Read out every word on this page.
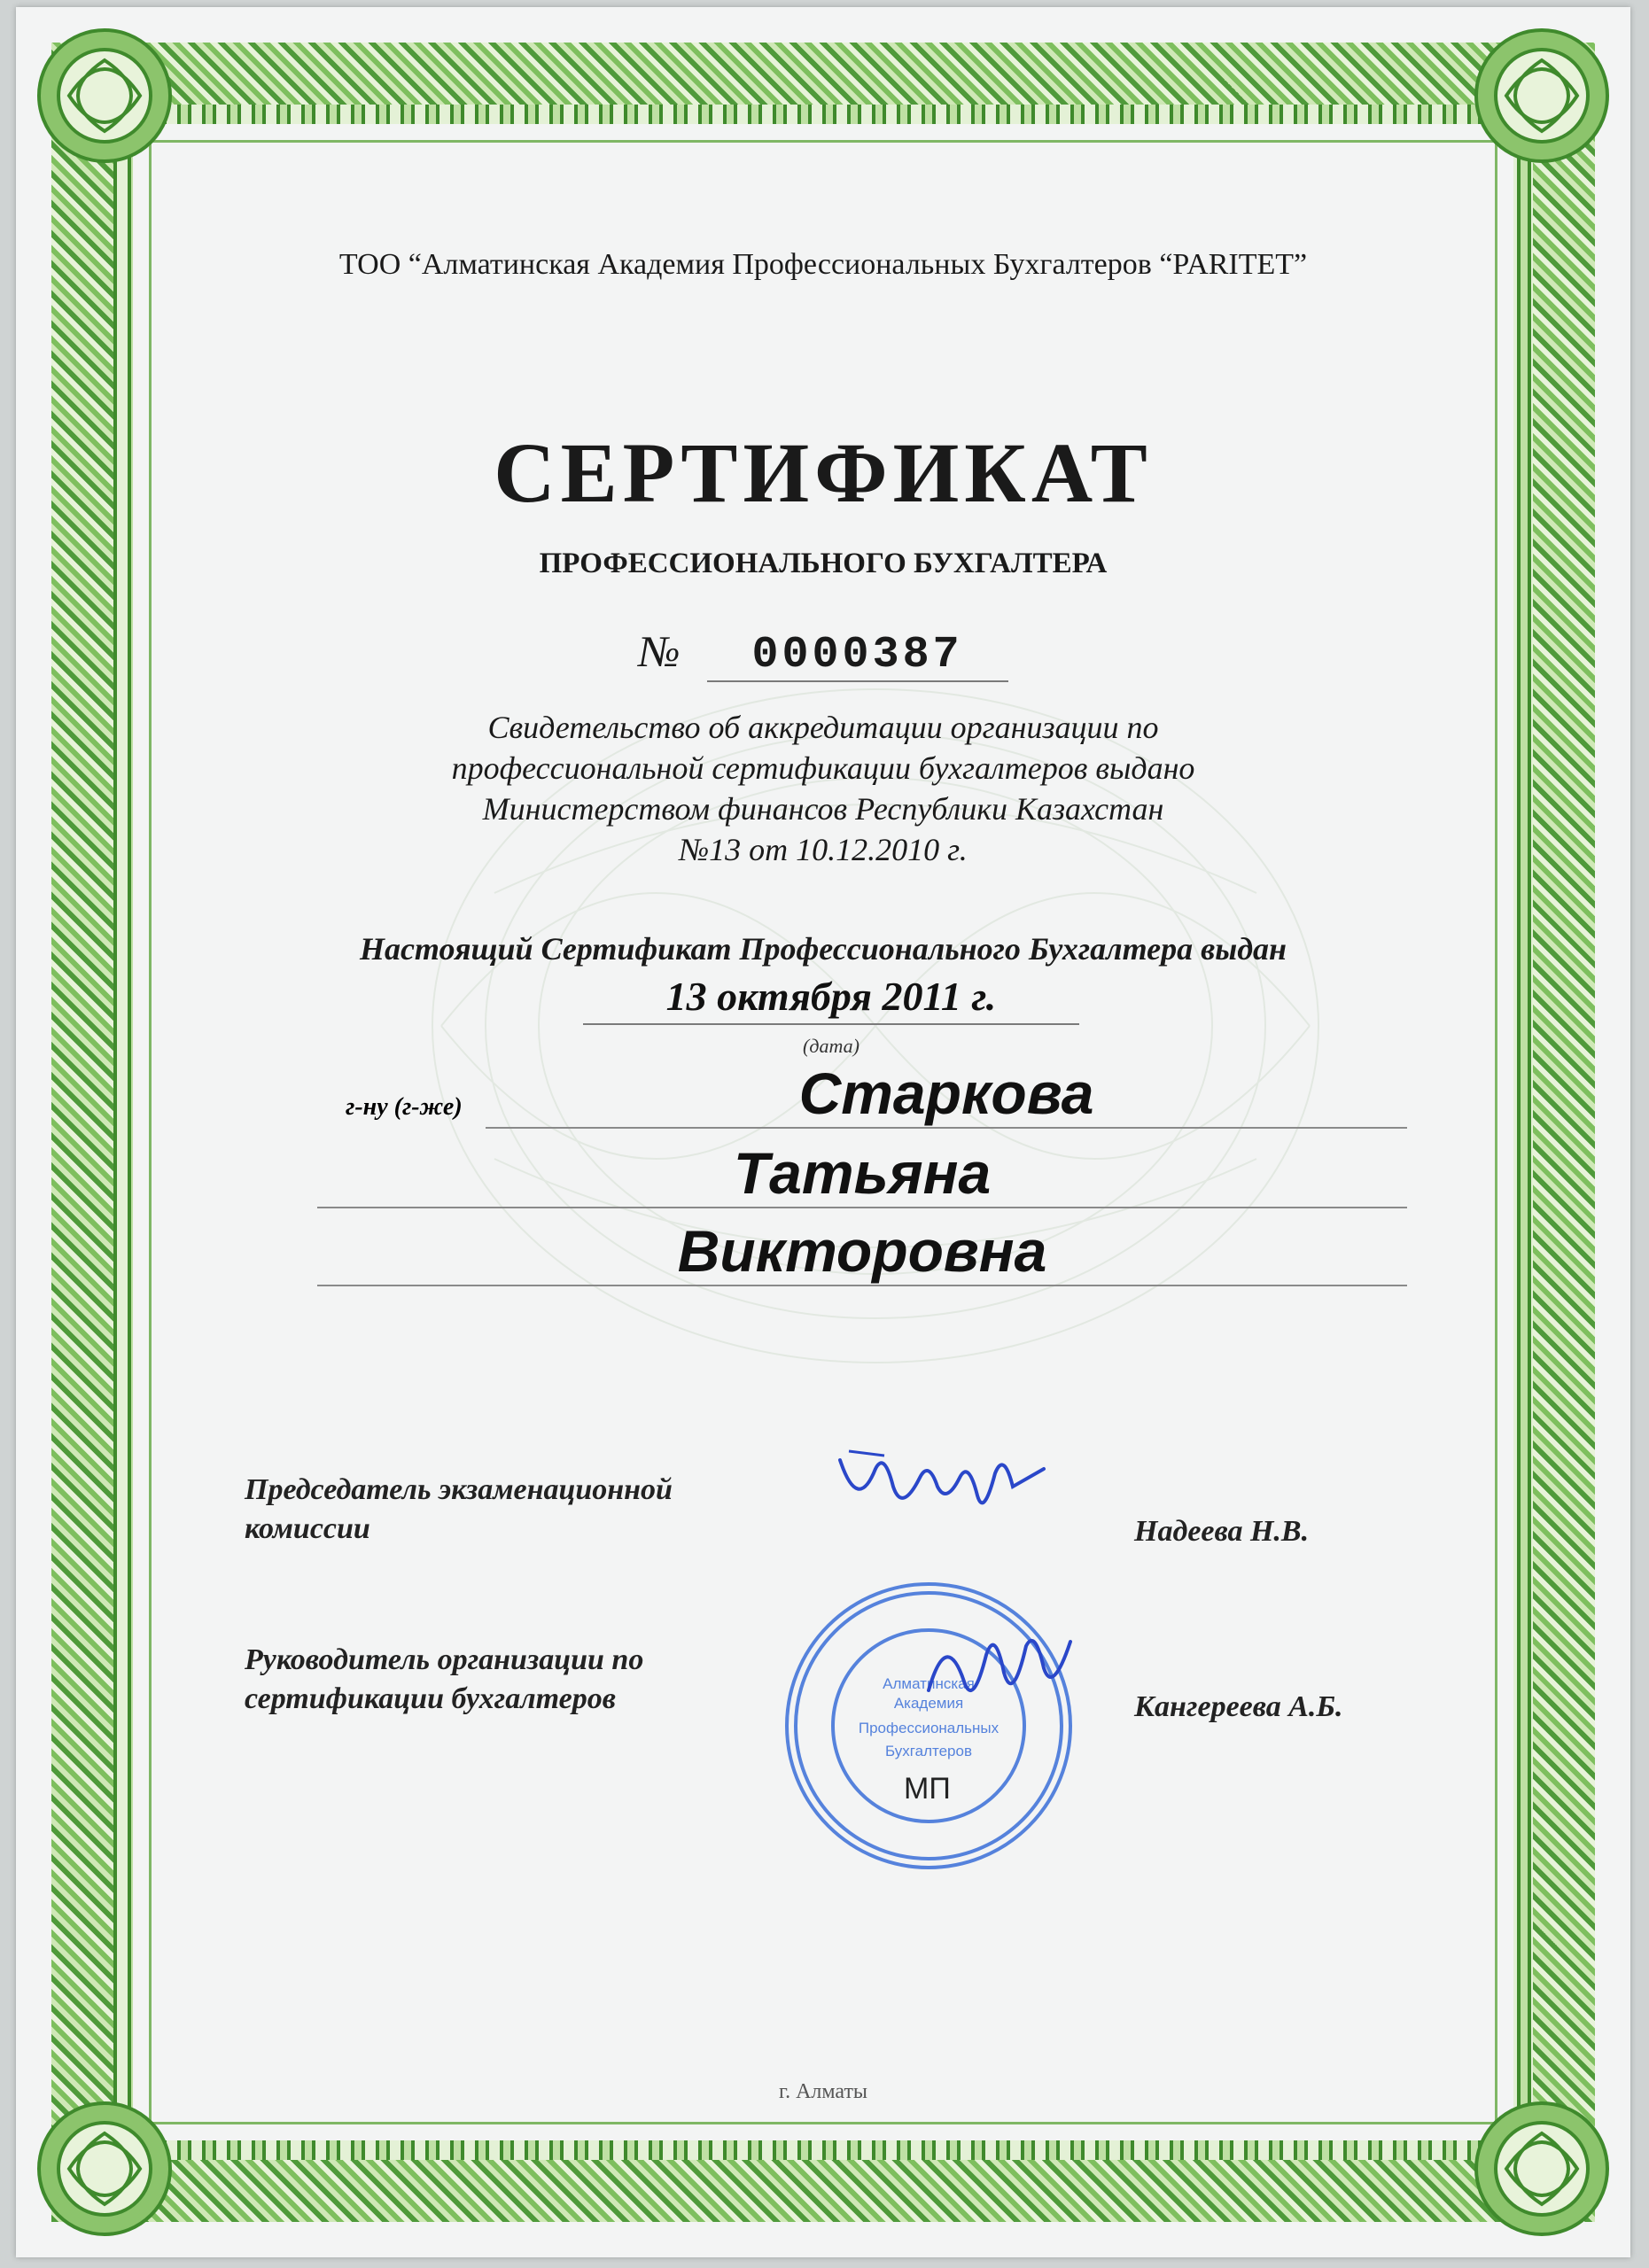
ТОО “Алматинская Академия Профессиональных Бухгалтеров “PARITET”
СЕРТИФИКАТ
ПРОФЕССИОНАЛЬНОГО БУХГАЛТЕРА
№ 0000387
Свидетельство об аккредитации организации по
профессиональной сертификации бухгалтеров выдано
Министерством финансов Республики Казахстан
№13 от 10.12.2010 г.
Настоящий Сертификат Профессионального Бухгалтера выдан
13 октября 2011 г.
(дата)
г-ну (г-же)	Старкова
Татьяна
Викторовна
Председатель экзаменационной
комиссии	Надеева Н.В.
Руководитель организации по
сертификации бухгалтеров	Кангереева А.Б.
Алматинская
Академия
Профессиональных
Бухгалтеров
МП
г. Алматы
